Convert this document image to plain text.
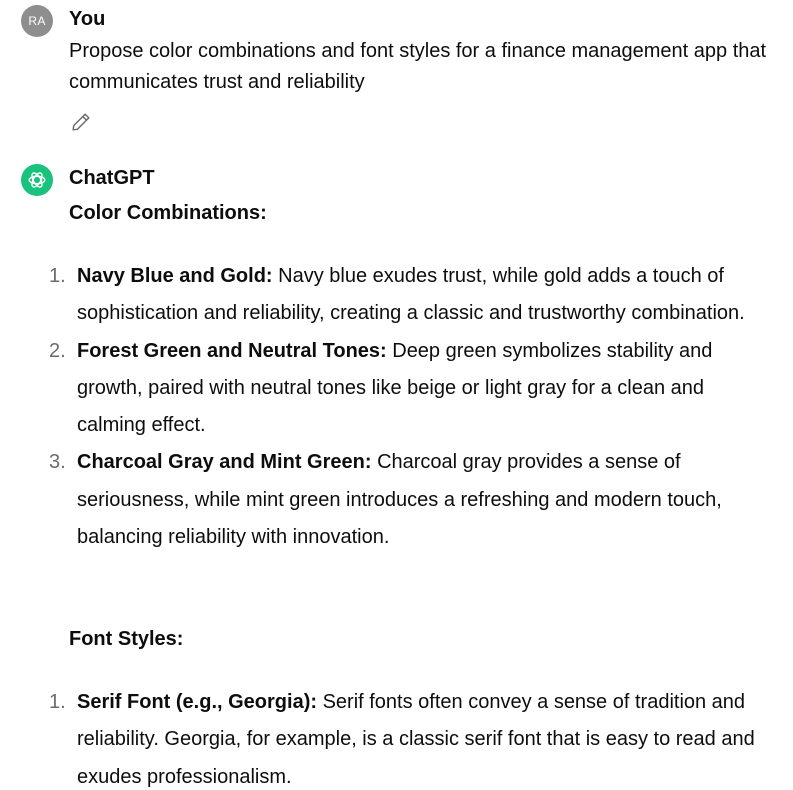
RA	You
Propose color combinations and font styles for a finance management app that communicates trust and reliability
ChatGPT
Color Combinations:
1. Navy Blue and Gold: Navy blue exudes trust, while gold adds a touch of sophistication and reliability, creating a classic and trustworthy combination.
2. Forest Green and Neutral Tones: Deep green symbolizes stability and growth, paired with neutral tones like beige or light gray for a clean and calming effect.
3. Charcoal Gray and Mint Green: Charcoal gray provides a sense of seriousness, while mint green introduces a refreshing and modern touch, balancing reliability with innovation.
Font Styles:
1. Serif Font (e.g., Georgia): Serif fonts often convey a sense of tradition and reliability. Georgia, for example, is a classic serif font that is easy to read and exudes professionalism.
